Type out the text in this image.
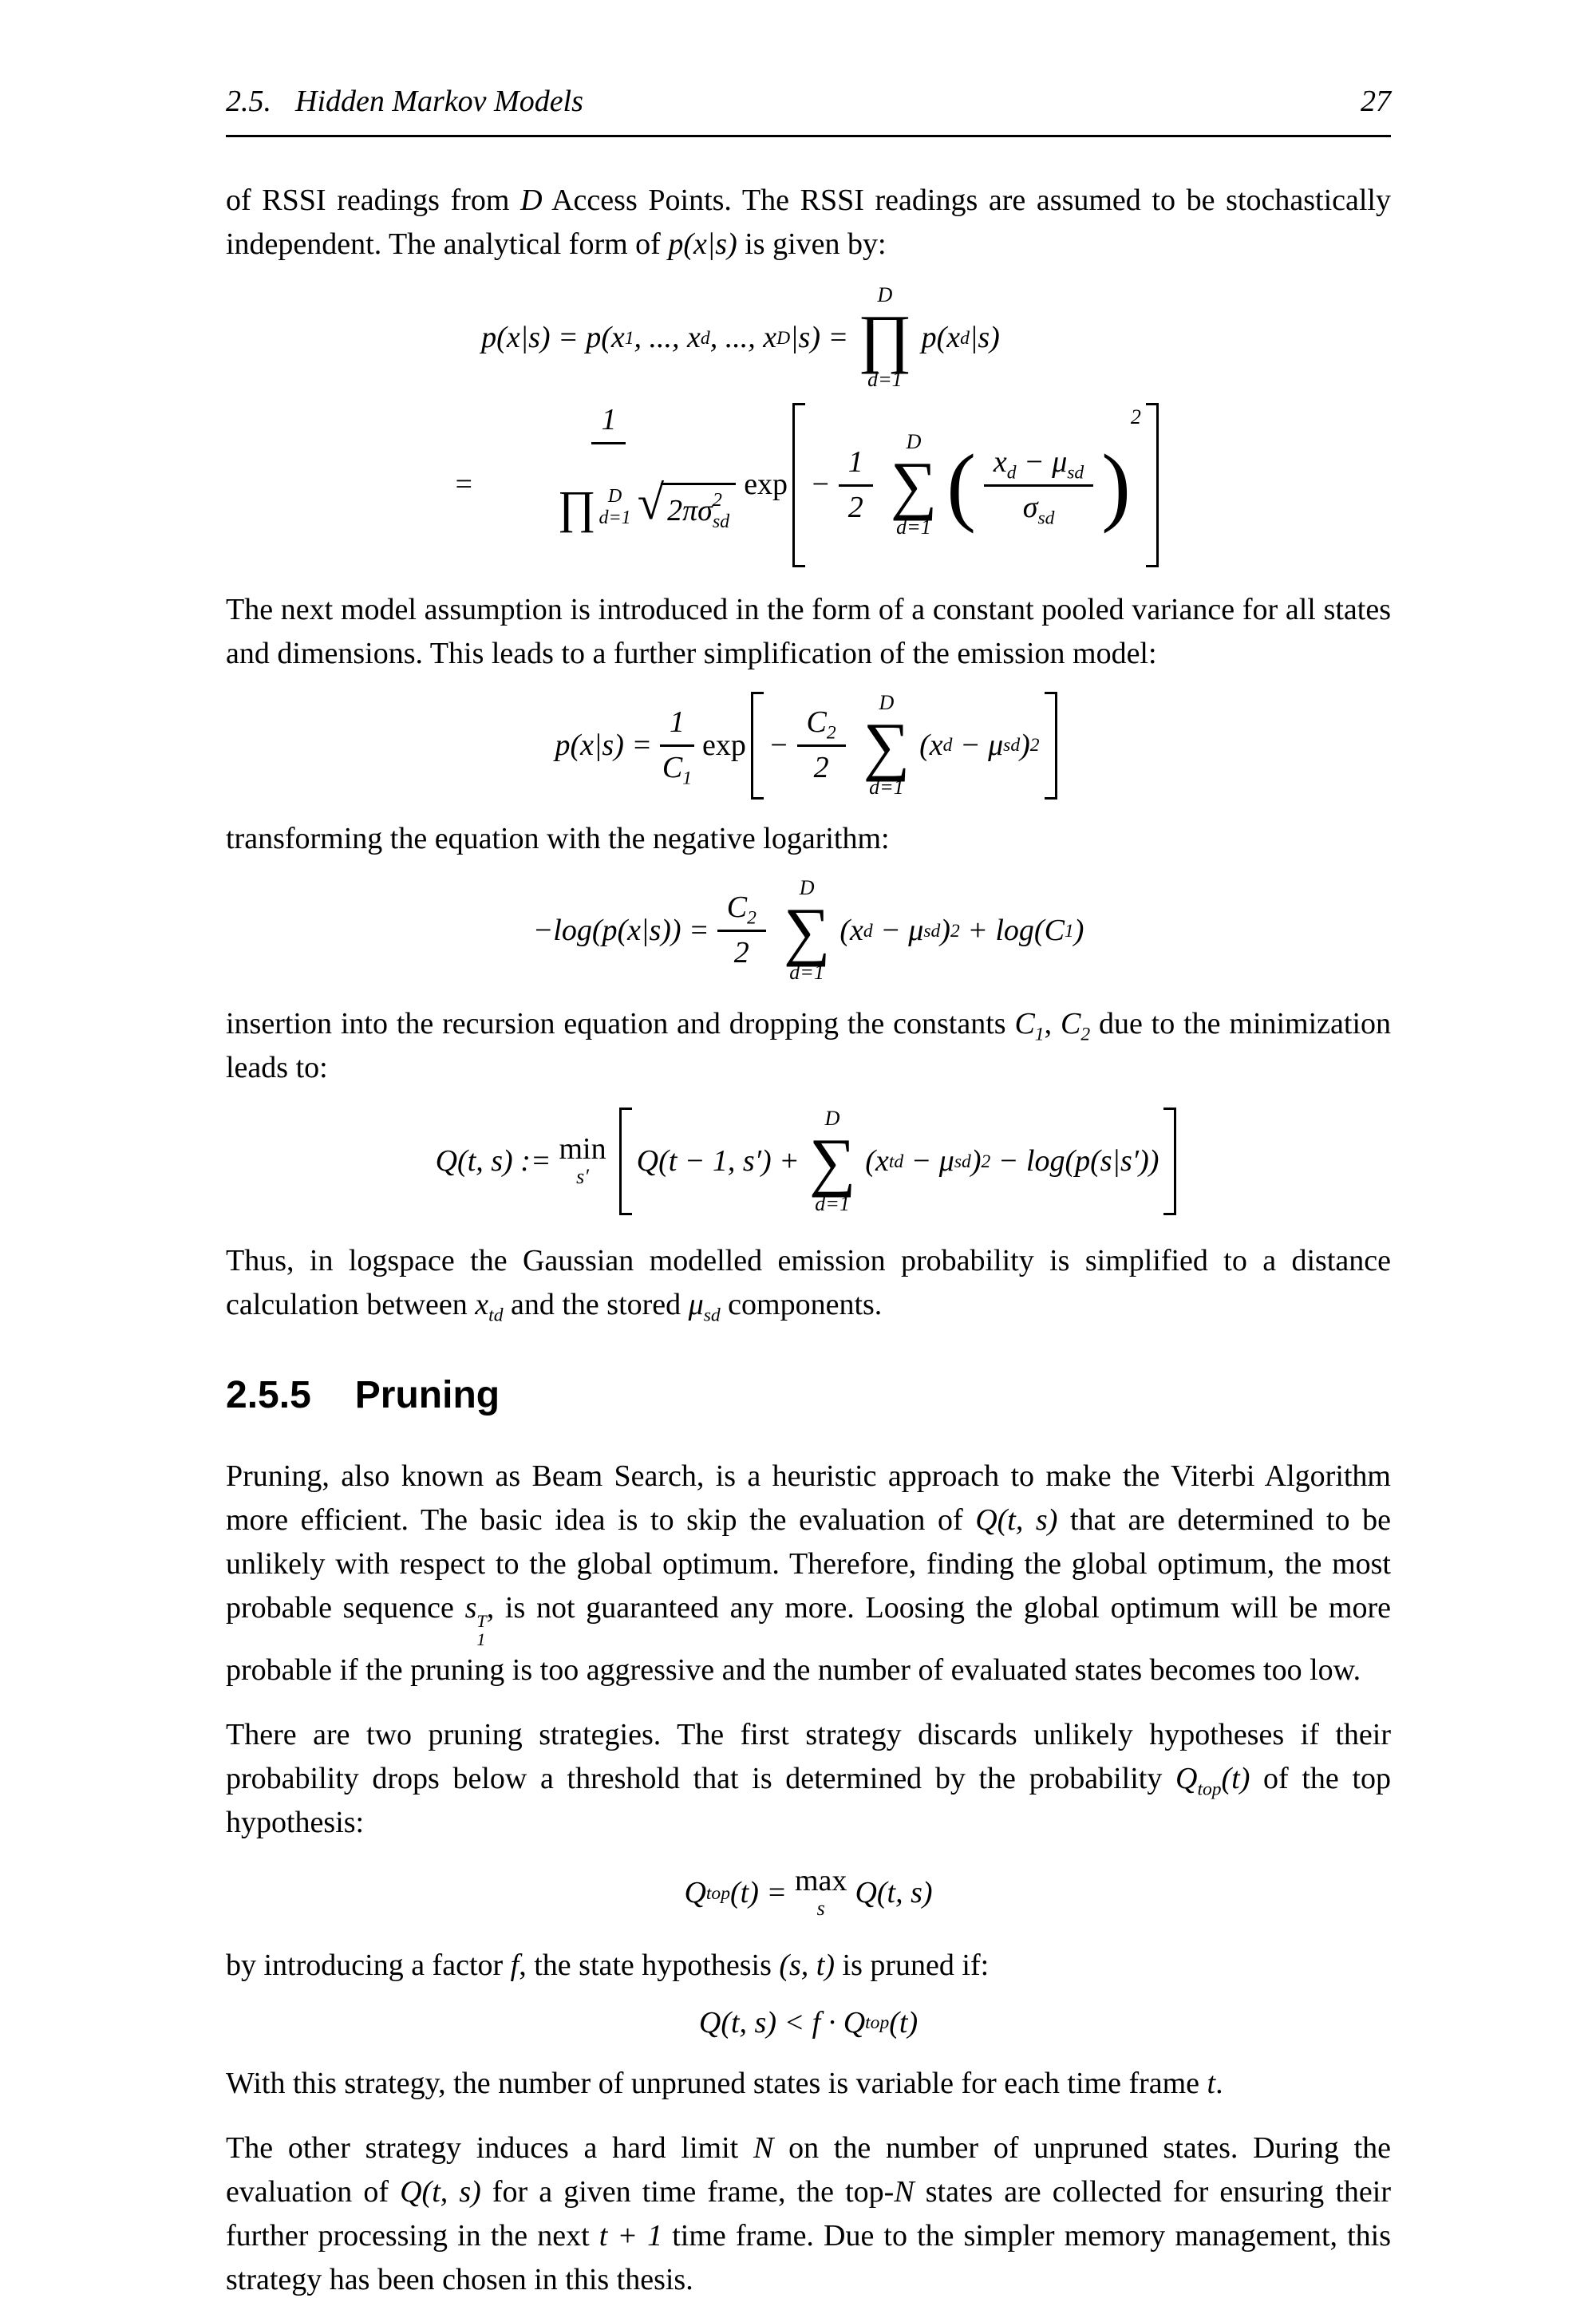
2.5. Hidden Markov Models	27

of RSSI readings from D Access Points. The RSSI readings are assumed to be stochastically independent. The analytical form of p(x|s) is given by:

p(x|s) = p(x 1 , ..., x d , ..., x D |s) =
D
∏
d=1
p(x d |s)
=
1

∏ D
d=1 √ 2πσ 2
sd

$\exp - \frac{1}{2}$
D
∑
d=1 ( $\frac{x_d - \mu_{sd}}{\sigma_{sd}}$ )
2

The next model assumption is introduced in the form of a constant pooled variance for all states and dimensions. This leads to a further simplification of the emission model:

$p(x|s) = \frac{1}{C_1}$ $\exp - \frac{C_2}{2}$
D
∑
d=1
(x d − μ sd ) 2

transforming the equation with the negative logarithm:

$-\log(p(x|s)) = \frac{C_2}{2}$
D
∑
d=1
(x d − μ sd ) 2 + log(C 1 )

insertion into the recursion equation and dropping the constants $C_1$, $C_2$ due to the minimization leads to:

Q(t, s) := min
s′ Q(t − 1, s′) +
D
∑
d=1
(x td − μ sd ) 2 − log(p(s|s′))

Thus, in logspace the Gaussian modelled emission probability is simplified to a distance calculation between $x_{td}$ and the stored $\mu_{sd}$ components.

2.5.5 Pruning

Pruning, also known as Beam Search, is a heuristic approach to make the Viterbi Algorithm more efficient. The basic idea is to skip the evaluation of Q(t, s) that are determined to be unlikely with respect to the global optimum. Therefore, finding the global optimum, the most probable sequence s T
1
, is not guaranteed any more. Loosing the global optimum will be more probable if the pruning is too aggressive and the number of evaluated states becomes too low.

There are two pruning strategies. The first strategy discards unlikely hypotheses if their probability drops below a threshold that is determined by the probability $Q_{top}(t)$ of the top hypothesis:

Q top (t) = max
s Q(t, s)

by introducing a factor f, the state hypothesis (s, t) is pruned if:

Q(t, s) < f · Q top (t)

With this strategy, the number of unpruned states is variable for each time frame t.

The other strategy induces a hard limit N on the number of unpruned states. During the evaluation of Q(t, s) for a given time frame, the top-N states are collected for ensuring their further processing in the next t + 1 time frame. Due to the simpler memory management, this strategy has been chosen in this thesis.
